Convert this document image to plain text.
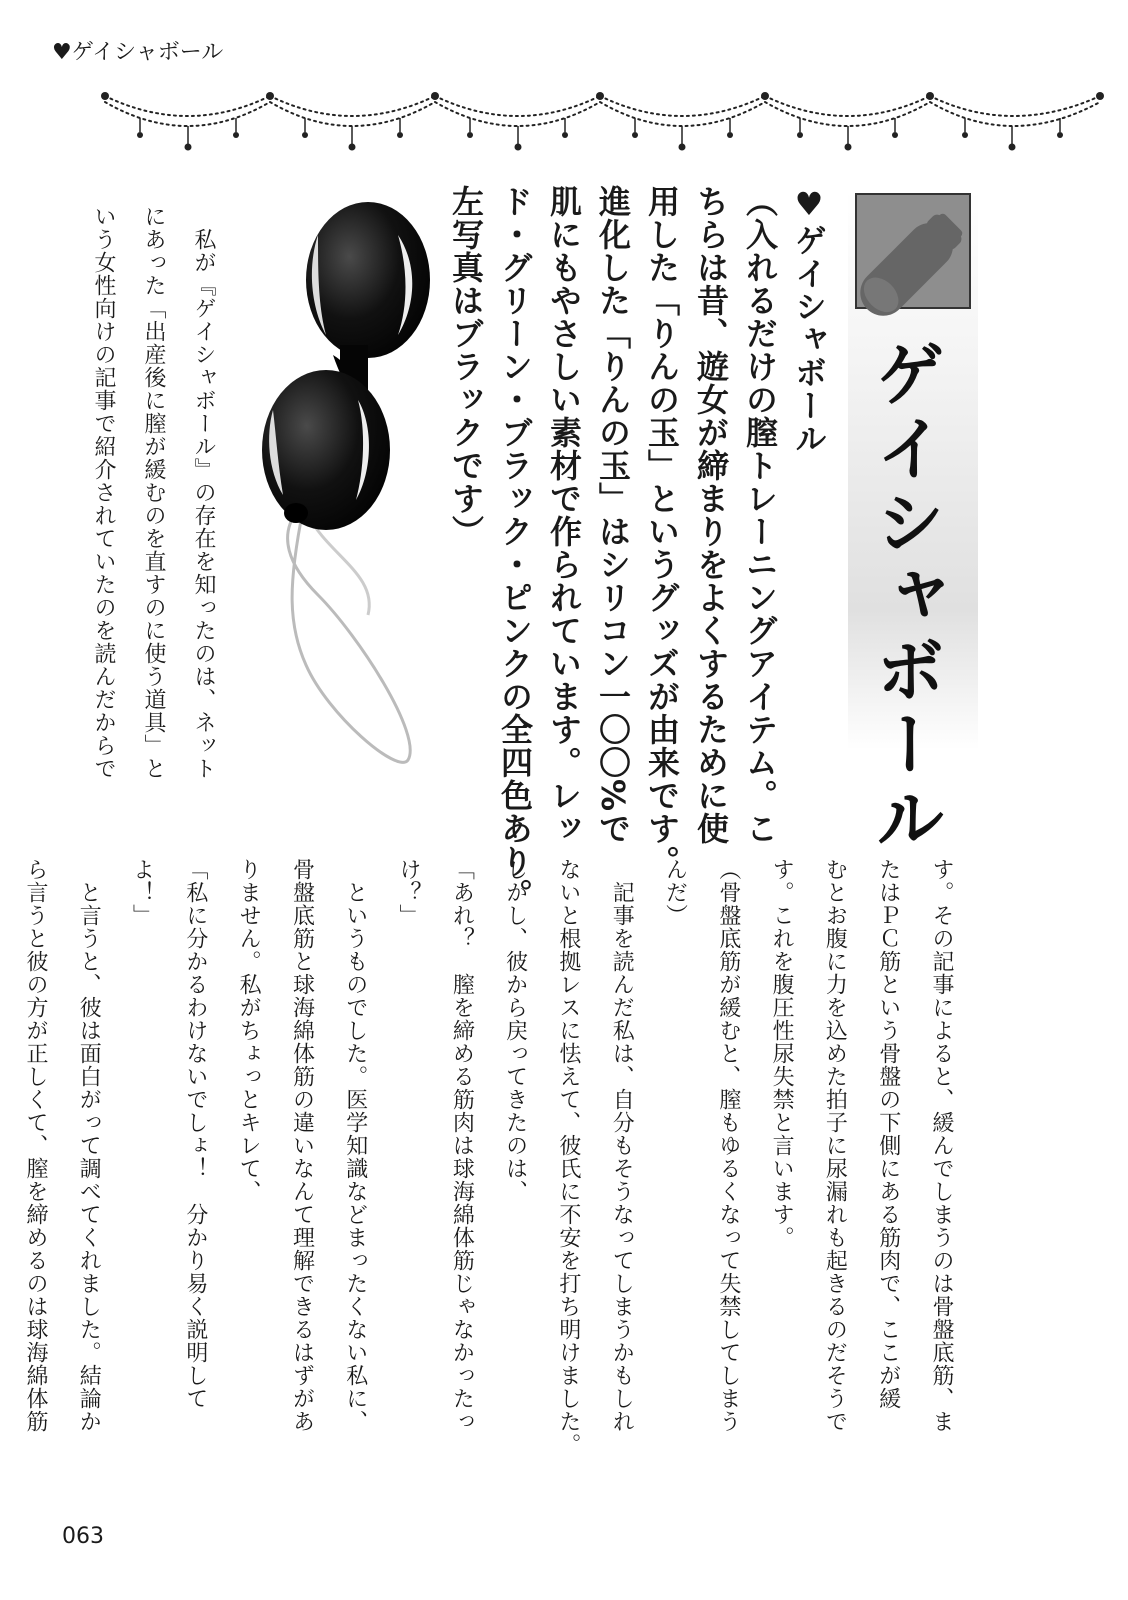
♥ゲイシャボール
ゲイシャボール
♥ゲイシャボール
（入れるだけの膣トレーニングアイテム。こ
ちらは昔、遊女が締まりをよくするために使
用した「りんの玉」というグッズが由来です。
進化した「りんの玉」はシリコン一〇〇%で
肌にもやさしい素材で作られています。レッ
ド・グリーン・ブラック・ピンクの全四色あり。
左写真はブラックです）
　私が『ゲイシャボール』の存在を知ったのは、ネット
にあった「出産後に膣が緩むのを直すのに使う道具」と
いう女性向けの記事で紹介されていたのを読んだからで
す。その記事によると、緩んでしまうのは骨盤底筋、ま
たはＰＣ筋という骨盤の下側にある筋肉で、ここが緩
むとお腹に力を込めた拍子に尿漏れも起きるのだそうで
す。これを腹圧性尿失禁と言います。
（骨盤底筋が緩むと、膣もゆるくなって失禁してしまう
んだ）
　記事を読んだ私は、自分もそうなってしまうかもしれ
ないと根拠レスに怯えて、彼氏に不安を打ち明けました。
しかし、彼から戻ってきたのは、
「あれ？　膣を締める筋肉は球海綿体筋じゃなかったっ
け？」
　というものでした。医学知識などまったくない私に、
骨盤底筋と球海綿体筋の違いなんて理解できるはずがあ
りません。私がちょっとキレて、
「私に分かるわけないでしょ！　分かり易く説明して
よ！」
　と言うと、彼は面白がって調べてくれました。結論か
ら言うと彼の方が正しくて、膣を締めるのは球海綿体筋

063
